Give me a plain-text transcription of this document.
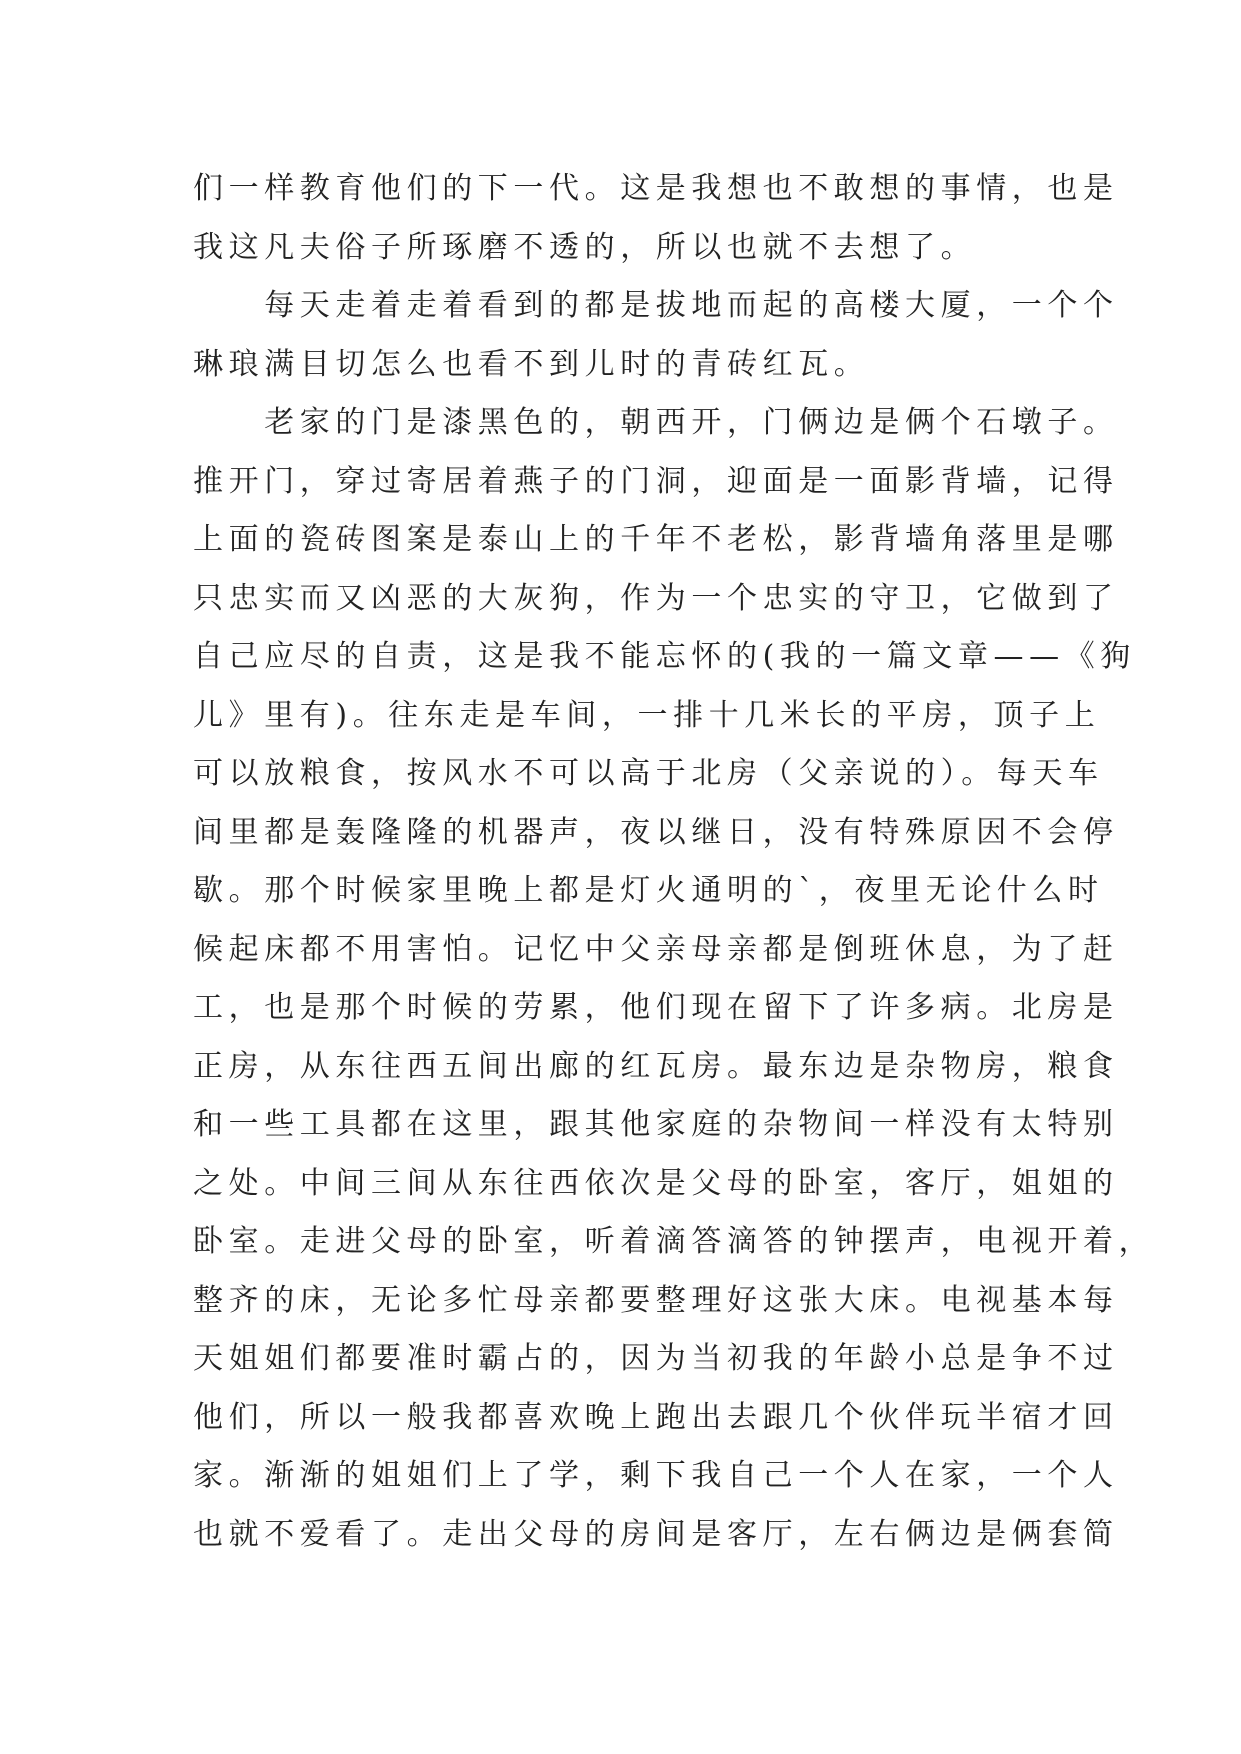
们一样教育他们的下一代。这是我想也不敢想的事情，也是
我这凡夫俗子所琢磨不透的，所以也就不去想了。
　　每天走着走着看到的都是拔地而起的高楼大厦，一个个
琳琅满目切怎么也看不到儿时的青砖红瓦。
　　老家的门是漆黑色的，朝西开，门俩边是俩个石墩子。
推开门，穿过寄居着燕子的门洞，迎面是一面影背墙，记得
上面的瓷砖图案是泰山上的千年不老松，影背墙角落里是哪
只忠实而又凶恶的大灰狗，作为一个忠实的守卫，它做到了
自己应尽的自责，这是我不能忘怀的(我的一篇文章——《狗
儿》里有)。往东走是车间，一排十几米长的平房，顶子上
可以放粮食，按风水不可以高于北房（父亲说的）。每天车
间里都是轰隆隆的机器声，夜以继日，没有特殊原因不会停
歇。那个时候家里晚上都是灯火通明的`，夜里无论什么时
候起床都不用害怕。记忆中父亲母亲都是倒班休息，为了赶
工，也是那个时候的劳累，他们现在留下了许多病。北房是
正房，从东往西五间出廊的红瓦房。最东边是杂物房，粮食
和一些工具都在这里，跟其他家庭的杂物间一样没有太特别
之处。中间三间从东往西依次是父母的卧室，客厅，姐姐的
卧室。走进父母的卧室，听着滴答滴答的钟摆声，电视开着，
整齐的床，无论多忙母亲都要整理好这张大床。电视基本每
天姐姐们都要准时霸占的，因为当初我的年龄小总是争不过
他们，所以一般我都喜欢晚上跑出去跟几个伙伴玩半宿才回
家。渐渐的姐姐们上了学，剩下我自己一个人在家，一个人
也就不爱看了。走出父母的房间是客厅，左右俩边是俩套简
